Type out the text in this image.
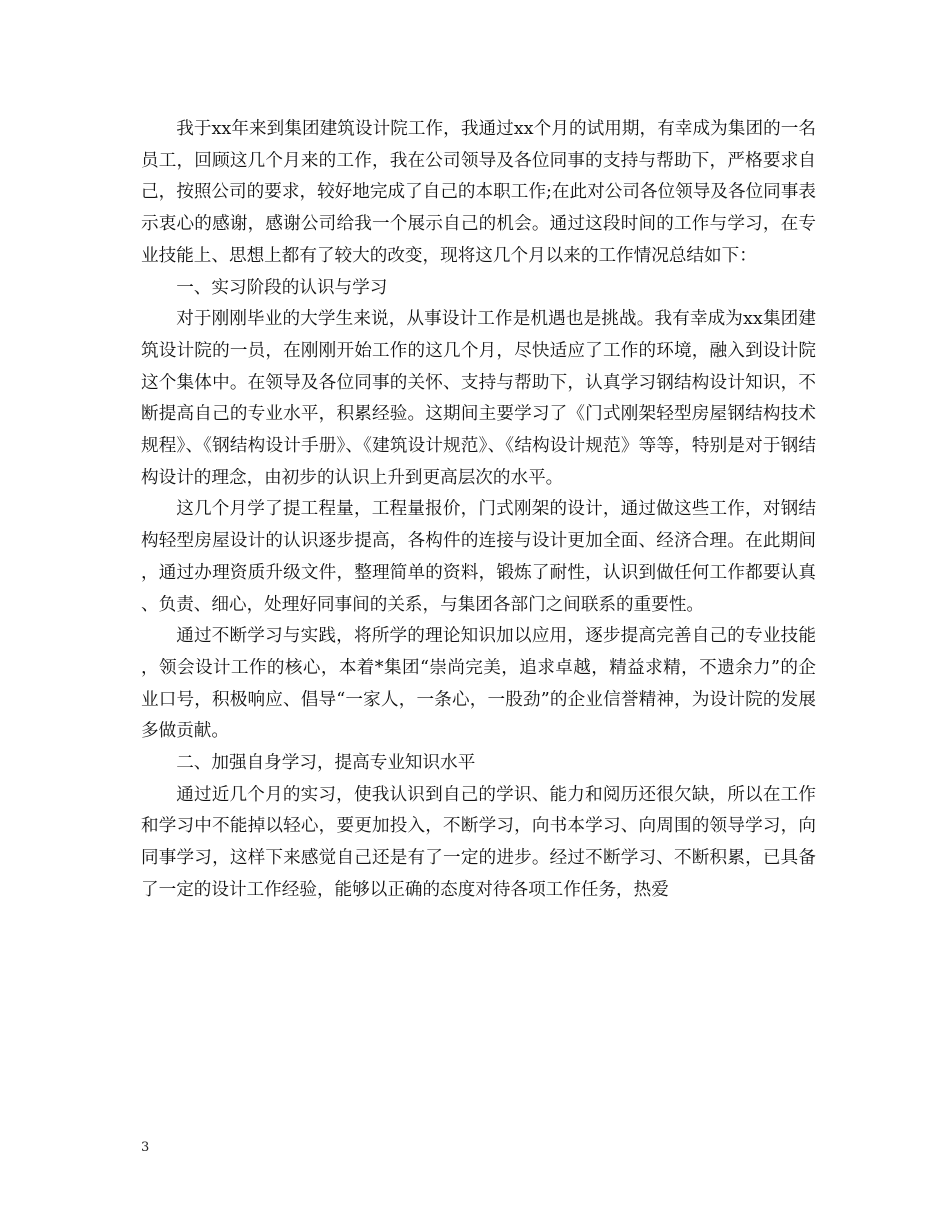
我于xx年来到集团建筑设计院工作，我通过xx个月的试用期，有幸成为集团的一名员工，回顾这几个月来的工作，我在公司领导及各位同事的支持与帮助下，严格要求自己，按照公司的要求，较好地完成了自己的本职工作;在此对公司各位领导及各位同事表示衷心的感谢，感谢公司给我一个展示自己的机会。通过这段时间的工作与学习，在专业技能上、思想上都有了较大的改变，现将这几个月以来的工作情况总结如下：

一、实习阶段的认识与学习

对于刚刚毕业的大学生来说，从事设计工作是机遇也是挑战。我有幸成为xx集团建筑设计院的一员，在刚刚开始工作的这几个月，尽快适应了工作的环境，融入到设计院这个集体中。在领导及各位同事的关怀、支持与帮助下，认真学习钢结构设计知识，不断提高自己的专业水平，积累经验。这期间主要学习了《门式刚架轻型房屋钢结构技术规程》、《钢结构设计手册》、《建筑设计规范》、《结构设计规范》等等，特别是对于钢结构设计的理念，由初步的认识上升到更高层次的水平。

这几个月学了提工程量，工程量报价，门式刚架的设计，通过做这些工作，对钢结构轻型房屋设计的认识逐步提高，各构件的连接与设计更加全面、经济合理。在此期间，通过办理资质升级文件，整理简单的资料，锻炼了耐性，认识到做任何工作都要认真、负责、细心，处理好同事间的关系，与集团各部门之间联系的重要性。

通过不断学习与实践，将所学的理论知识加以应用，逐步提高完善自己的专业技能，领会设计工作的核心，本着*集团“崇尚完美，追求卓越，精益求精，不遗余力”的企业口号，积极响应、倡导“一家人，一条心，一股劲”的企业信誉精神，为设计院的发展多做贡献。

二、加强自身学习，提高专业知识水平

通过近几个月的实习，使我认识到自己的学识、能力和阅历还很欠缺，所以在工作和学习中不能掉以轻心，要更加投入，不断学习，向书本学习、向周围的领导学习，向同事学习，这样下来感觉自己还是有了一定的进步。经过不断学习、不断积累，已具备了一定的设计工作经验，能够以正确的态度对待各项工作任务，热爱

3
